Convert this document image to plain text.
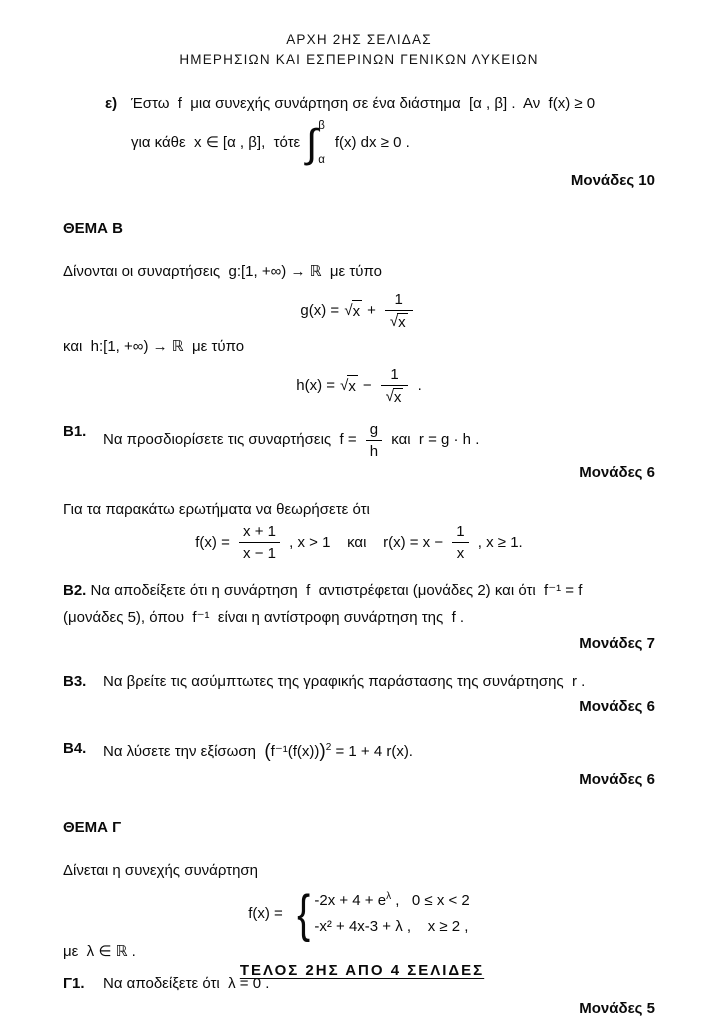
ΑΡΧΗ 2ΗΣ ΣΕΛΙΔΑΣ
ΗΜΕΡΗΣΙΩΝ ΚΑΙ ΕΣΠΕΡΙΝΩΝ ΓΕΝΙΚΩΝ ΛΥΚΕΙΩΝ
ε) Έστω  f  μια συνεχής συνάρτηση σε ένα διάστημα  [α , β] .  Αν  f(x) ≥ 0
για κάθε  x ∈ [α , β],  τότε ∫ β
α
f(x) dx ≥ 0 .
Μονάδες 10
ΘΕΜΑ Β
Δίνονται οι συναρτήσεις  g:[1, +∞) → ℝ  με τύπο
g(x) = √ $x + \frac{1}{√ x}$
και  h:[1, +∞) → ℝ  με τύπο
h(x) = √ $x - \frac{1}{√ x}$ .
Β1.	Να προσδιορίσετε τις συναρτήσεις  $f = \frac{g}{h}$ και  r = g · h .
Μονάδες 6
Για τα παρακάτω ερωτήματα να θεωρήσετε ότι
$f(x) = \frac{x + 1}{x - 1}$ , x > 1 και $r(x) = x - \frac{1}{x}$ , x ≥ 1.
Β2. Να αποδείξετε ότι η συνάρτηση  f  αντιστρέφεται (μονάδες 2) και ότι  f⁻¹ = f
(μονάδες 5), όπου  f⁻¹  είναι η αντίστροφη συνάρτηση της  f .
Μονάδες 7
Β3.	Να βρείτε τις ασύμπτωτες της γραφικής παράστασης της συνάρτησης  r .
Μονάδες 6
Β4.	Να λύσετε την εξίσωση  $(f^{-1}(f(x)))^2 = 1 + 4$ r(x).
Μονάδες 6
ΘΕΜΑ Γ
Δίνεται η συνεχής συνάρτηση
f(x) = { $-2x + 4 + e^\lambda$ ,   0 ≤ x < 2
-x² + 4x-3 + λ ,    x ≥ 2 ,
με  λ ∈ ℝ .
Γ1.	Να αποδείξετε ότι  λ = 0 .
Μονάδες 5
ΤΕΛΟΣ 2ΗΣ ΑΠΟ 4 ΣΕΛΙΔΕΣ
